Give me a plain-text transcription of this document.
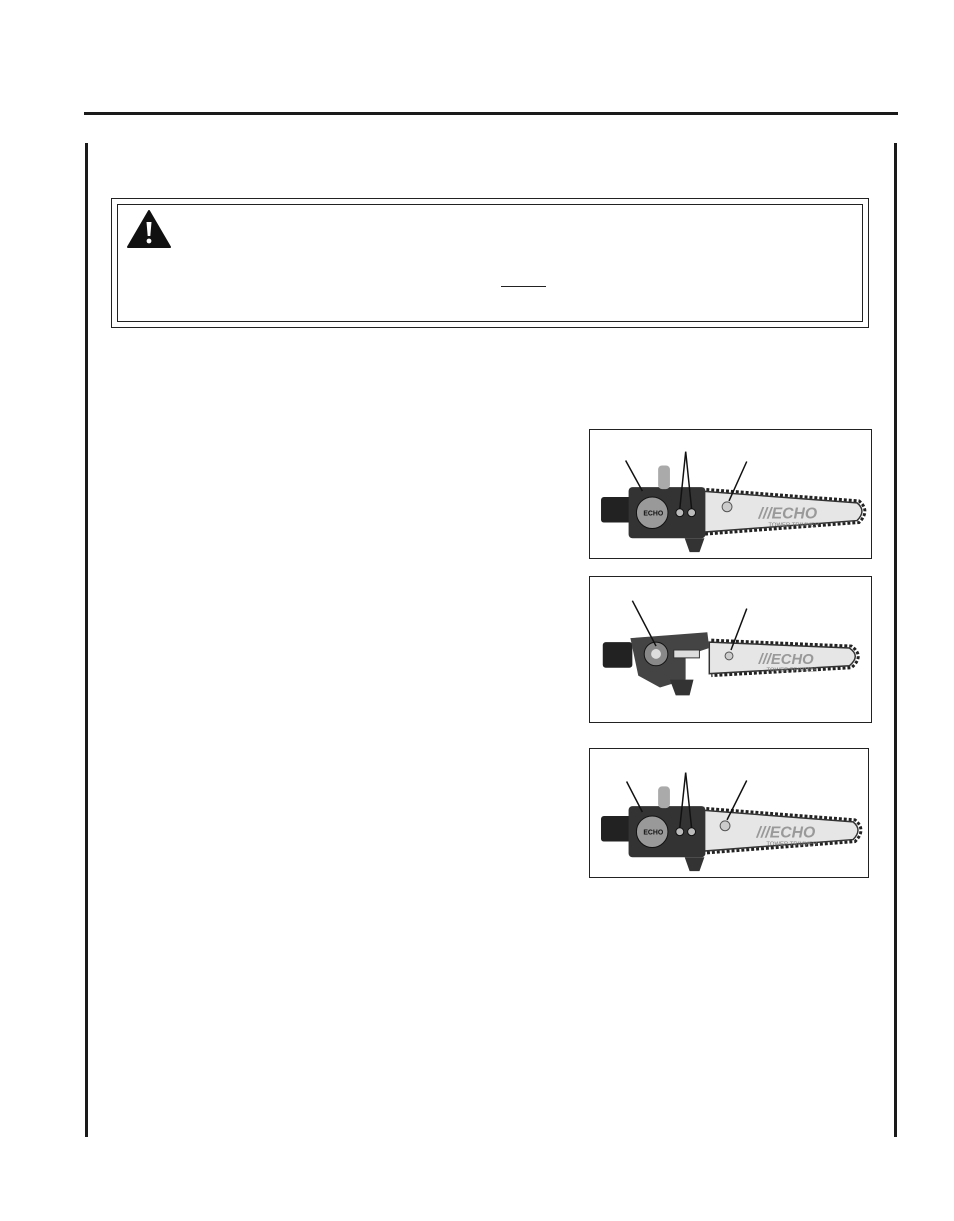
///ECHO
TOWER TRIMMER
ECHO
///ECHO
TOWER TRIMMER
///ECHO
TOWER TRIMMER
ECHO
